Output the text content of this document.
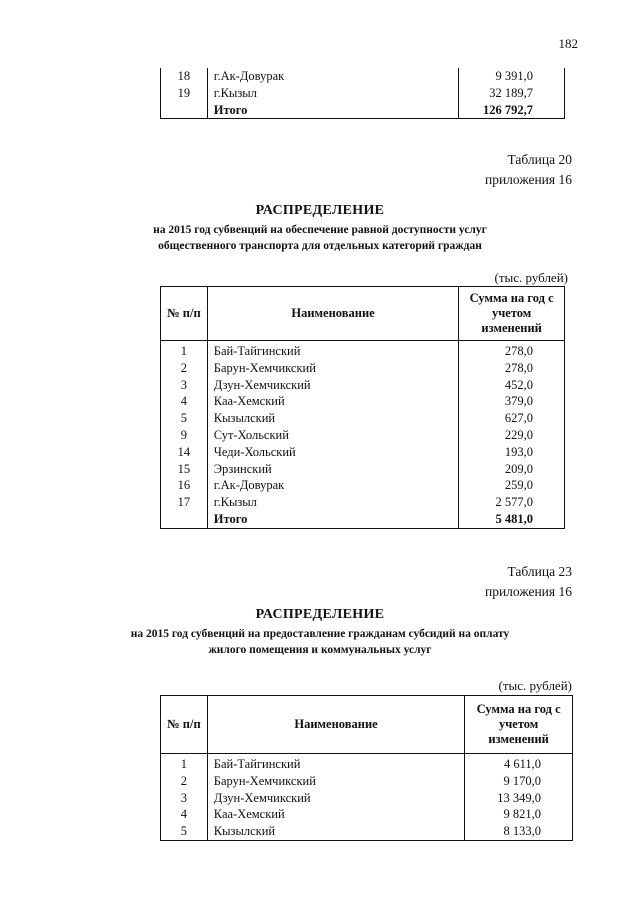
182
18	г.Ак-Довурак	9 391,0
19	г.Кызыл	32 189,7
	Итого	126 792,7
Таблица 20
приложения 16
РАСПРЕДЕЛЕНИЕ
на 2015 год субвенций на обеспечение равной доступности услуг
общественного транспорта для отдельных категорий граждан
(тыс. рублей)
№ п/п	Наименование	Сумма на год с учетом изменений
1	Бай-Тайгинский	278,0
2	Барун-Хемчикский	278,0
3	Дзун-Хемчикский	452,0
4	Каа-Хемский	379,0
5	Кызылский	627,0
9	Сут-Хольский	229,0
14	Чеди-Хольский	193,0
15	Эрзинский	209,0
16	г.Ак-Довурак	259,0
17	г.Кызыл	2 577,0
	Итого	5 481,0
Таблица 23
приложения 16
РАСПРЕДЕЛЕНИЕ
на 2015 год субвенций на предоставление гражданам субсидий на оплату
жилого помещения и коммунальных услуг
(тыс. рублей)
№ п/п	Наименование	Сумма на год с учетом изменений
1	Бай-Тайгинский	4 611,0
2	Барун-Хемчикский	9 170,0
3	Дзун-Хемчикский	13 349,0
4	Каа-Хемский	9 821,0
5	Кызылский	8 133,0
